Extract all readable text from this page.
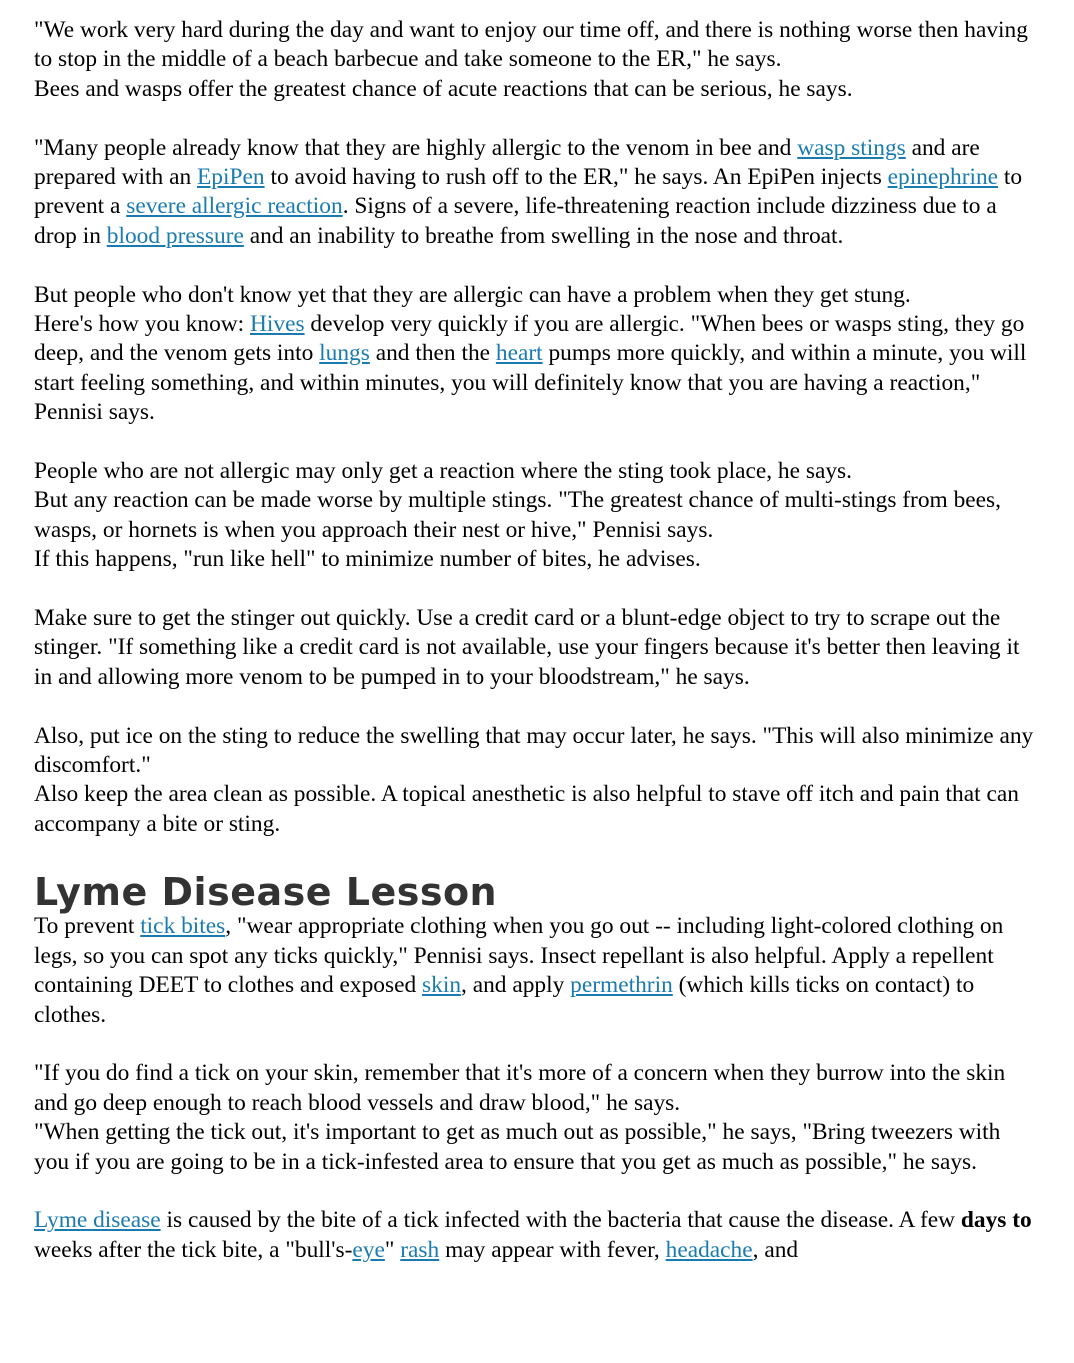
"We work very hard during the day and want to enjoy our time off, and there is nothing worse then having to stop in the middle of a beach barbecue and take someone to the ER," he says.
Bees and wasps offer the greatest chance of acute reactions that can be serious, he says.

"Many people already know that they are highly allergic to the venom in bee and wasp stings and are prepared with an EpiPen to avoid having to rush off to the ER," he says. An EpiPen injects epinephrine to prevent a severe allergic reaction. Signs of a severe, life-threatening reaction include dizziness due to a drop in blood pressure and an inability to breathe from swelling in the nose and throat.

But people who don't know yet that they are allergic can have a problem when they get stung.
Here's how you know: Hives develop very quickly if you are allergic. "When bees or wasps sting, they go deep, and the venom gets into lungs and then the heart pumps more quickly, and within a minute, you will start feeling something, and within minutes, you will definitely know that you are having a reaction," Pennisi says.

People who are not allergic may only get a reaction where the sting took place, he says.
But any reaction can be made worse by multiple stings. "The greatest chance of multi-stings from bees, wasps, or hornets is when you approach their nest or hive," Pennisi says.
If this happens, "run like hell" to minimize number of bites, he advises.

Make sure to get the stinger out quickly. Use a credit card or a blunt-edge object to try to scrape out the stinger. "If something like a credit card is not available, use your fingers because it's better then leaving it in and allowing more venom to be pumped in to your bloodstream," he says.

Also, put ice on the sting to reduce the swelling that may occur later, he says. "This will also minimize any discomfort."
Also keep the area clean as possible. A topical anesthetic is also helpful to stave off itch and pain that can accompany a bite or sting.

Lyme Disease Lesson

To prevent tick bites, "wear appropriate clothing when you go out -- including light-colored clothing on legs, so you can spot any ticks quickly," Pennisi says. Insect repellant is also helpful. Apply a repellent containing DEET to clothes and exposed skin, and apply permethrin (which kills ticks on contact) to clothes.

"If you do find a tick on your skin, remember that it's more of a concern when they burrow into the skin and go deep enough to reach blood vessels and draw blood," he says.
"When getting the tick out, it's important to get as much out as possible," he says, "Bring tweezers with you if you are going to be in a tick-infested area to ensure that you get as much as possible," he says.

Lyme disease is caused by the bite of a tick infected with the bacteria that cause the disease. A few days to weeks after the tick bite, a "bull's-eye" rash may appear with fever, headache, and
